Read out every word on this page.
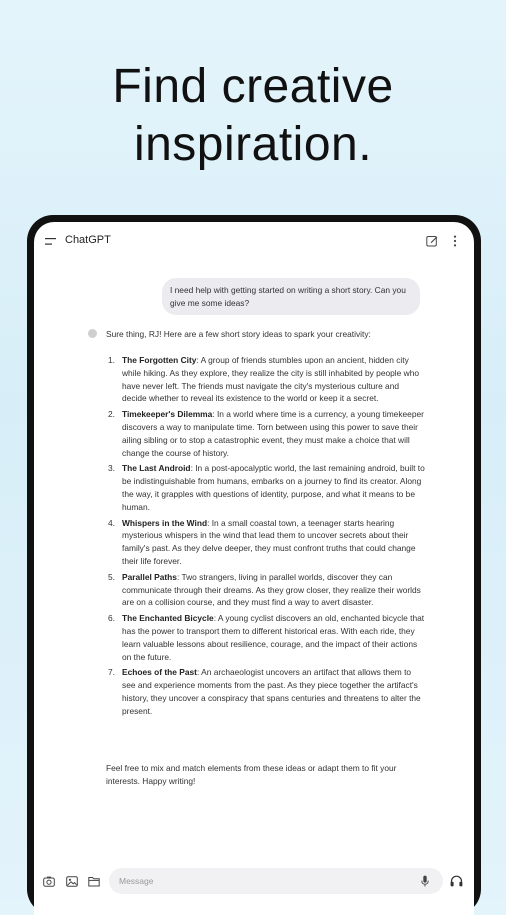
Find creative
inspiration.
ChatGPT
I need help with getting started on writing a short story. Can you give me some ideas?
Sure thing, RJ! Here are a few short story ideas to spark your creativity:
1. The Forgotten City: A group of friends stumbles upon an ancient, hidden city while hiking. As they explore, they realize the city is still inhabited by people who have never left. The friends must navigate the city's mysterious culture and decide whether to reveal its existence to the world or keep it a secret.
2. Timekeeper's Dilemma: In a world where time is a currency, a young timekeeper discovers a way to manipulate time. Torn between using this power to save their ailing sibling or to stop a catastrophic event, they must make a choice that will change the course of history.
3. The Last Android: In a post-apocalyptic world, the last remaining android, built to be indistinguishable from humans, embarks on a journey to find its creator. Along the way, it grapples with questions of identity, purpose, and what it means to be human.
4. Whispers in the Wind: In a small coastal town, a teenager starts hearing mysterious whispers in the wind that lead them to uncover secrets about their family's past. As they delve deeper, they must confront truths that could change their life forever.
5. Parallel Paths: Two strangers, living in parallel worlds, discover they can communicate through their dreams. As they grow closer, they realize their worlds are on a collision course, and they must find a way to avert disaster.
6. The Enchanted Bicycle: A young cyclist discovers an old, enchanted bicycle that has the power to transport them to different historical eras. With each ride, they learn valuable lessons about resilience, courage, and the impact of their actions on the future.
7. Echoes of the Past: An archaeologist uncovers an artifact that allows them to see and experience moments from the past. As they piece together the artifact's history, they uncover a conspiracy that spans centuries and threatens to alter the present.
Feel free to mix and match elements from these ideas or adapt them to fit your interests. Happy writing!
Message
